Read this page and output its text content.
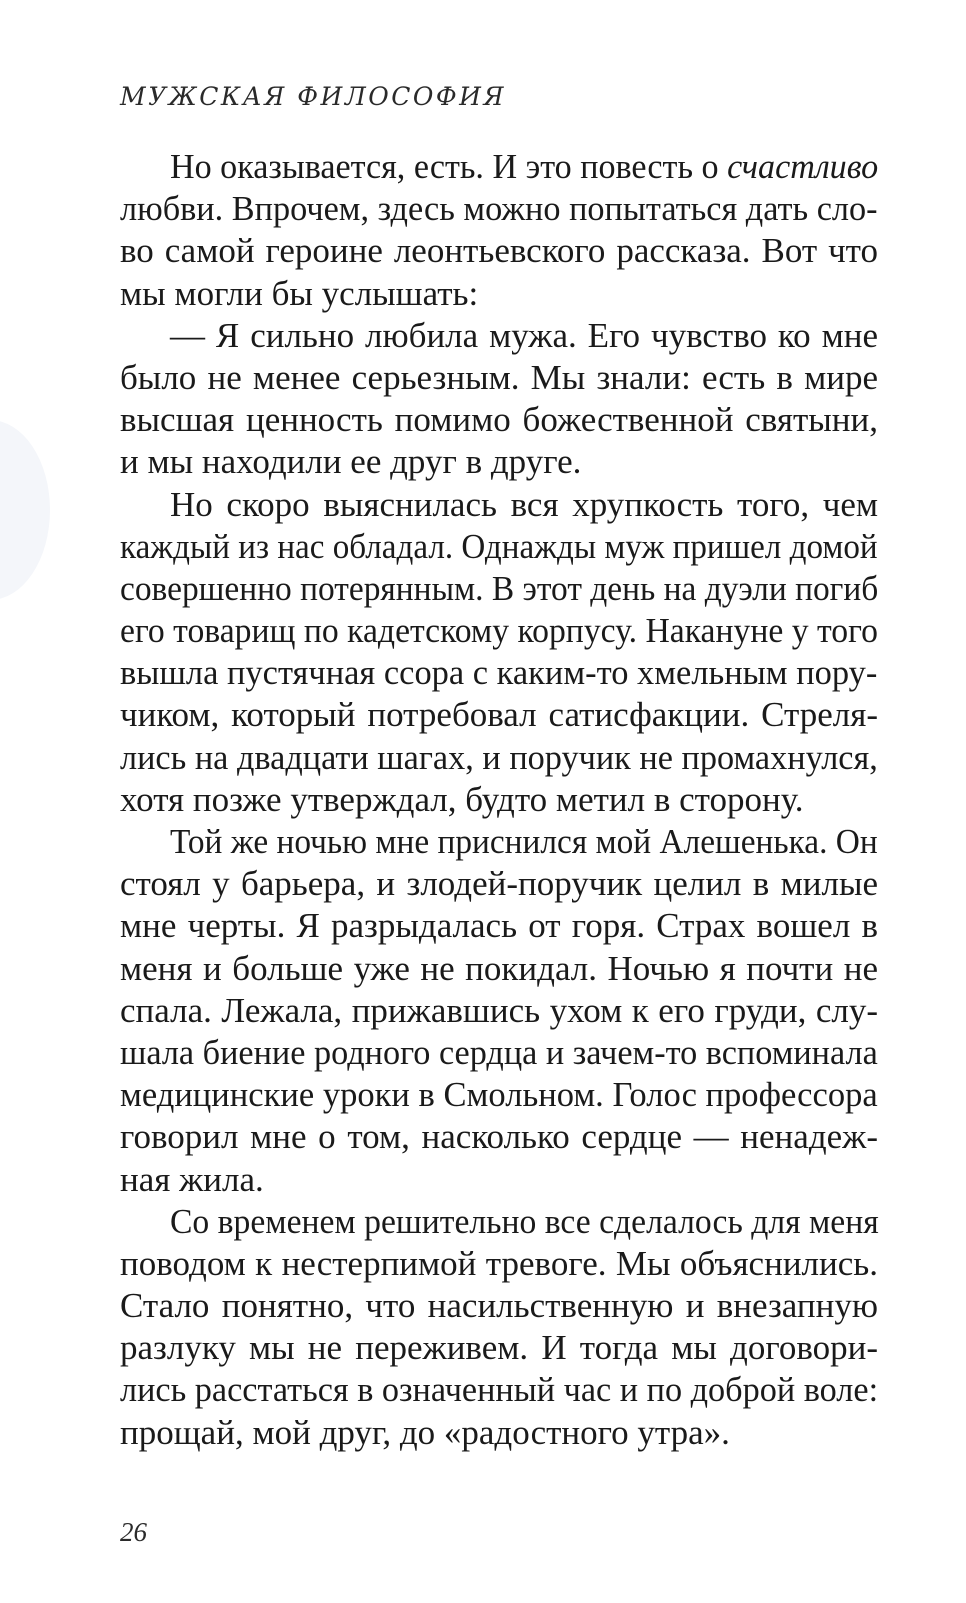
МУЖСКАЯ ФИЛОСОФИЯ
Но оказывается, есть. И это повесть о счастливо
любви. Впрочем, здесь можно попытаться дать сло-
во самой героине леонтьевского рассказа. Вот что
мы могли бы услышать:
— Я сильно любила мужа. Его чувство ко мне
было не менее серьезным. Мы знали: есть в мире
высшая ценность помимо божественной святыни,
и мы находили ее друг в друге.
Но скоро выяснилась вся хрупкость того, чем
каждый из нас обладал. Однажды муж пришел домой
совершенно потерянным. В этот день на дуэли погиб
его товарищ по кадетскому корпусу. Накануне у того
вышла пустячная ссора с каким-то хмельным пору-
чиком, который потребовал сатисфакции. Стреля-
лись на двадцати шагах, и поручик не промахнулся,
хотя позже утверждал, будто метил в сторону.
Той же ночью мне приснился мой Алешенька. Он
стоял у барьера, и злодей-поручик целил в милые
мне черты. Я разрыдалась от горя. Страх вошел в
меня и больше уже не покидал. Ночью я почти не
спала. Лежала, прижавшись ухом к его груди, слу-
шала биение родного сердца и зачем-то вспоминала
медицинские уроки в Смольном. Голос профессора
говорил мне о том, насколько сердце — ненадеж-
ная жила.
Со временем решительно все сделалось для меня
поводом к нестерпимой тревоге. Мы объяснились.
Стало понятно, что насильственную и внезапную
разлуку мы не переживем. И тогда мы договори-
лись расстаться в означенный час и по доброй воле:
прощай, мой друг, до «радостного утра».
26
